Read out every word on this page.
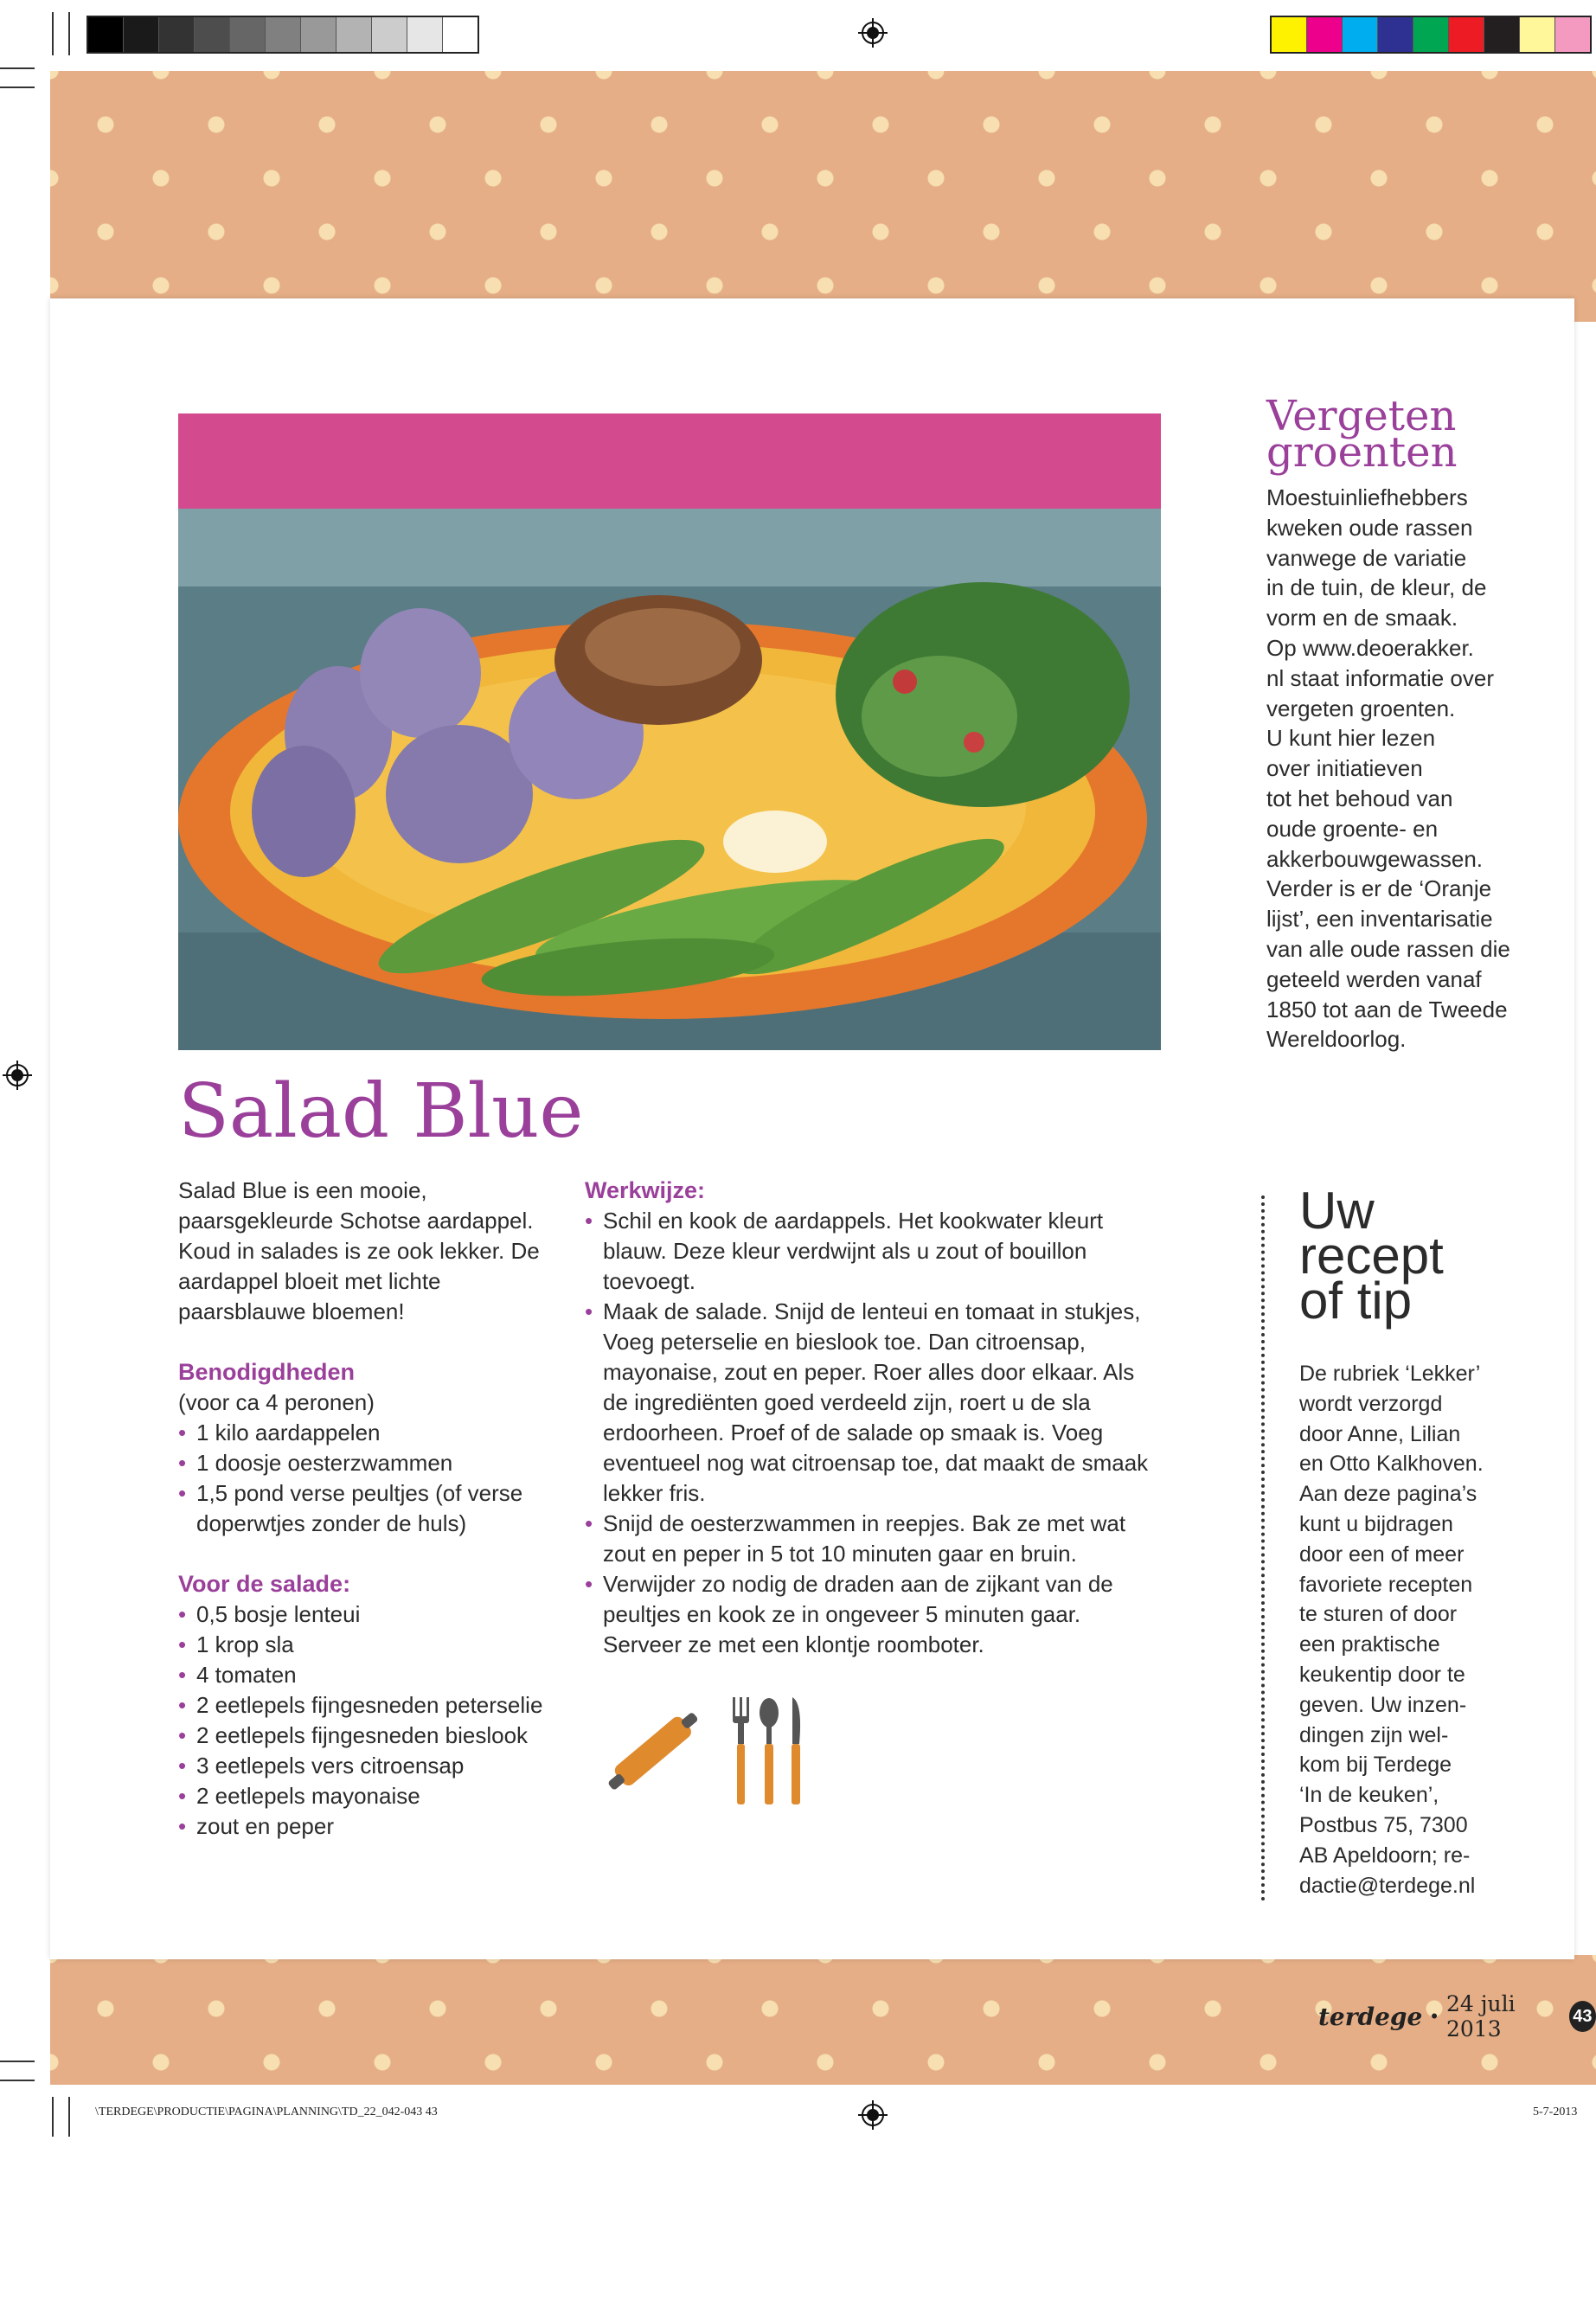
Vergeten
groenten

Moestuinliefhebbers

kweken oude rassen

vanwege de variatie

in de tuin, de kleur, de

vorm en de smaak.

Op www.deoerakker.

nl staat informatie over

vergeten groenten.

U kunt hier lezen

over initiatieven

tot het behoud van

oude groente- en

akkerbouwgewassen.

Verder is er de ‘Oranje

lijst’, een inventarisatie

van alle oude rassen die

geteeld werden vanaf

1850 tot aan de Tweede

Wereldoorlog.

Salad Blue

Salad Blue is een mooie, paarsgekleurde Schotse aardappel. Koud in salades is ze ook lekker. De aardappel bloeit met lichte paarsblauwe bloemen!

Benodigdheden

(voor ca 4 peronen)

• 1 kilo aardappelen
• 1 doosje oesterzwammen
• 1,5 pond verse peultjes (of verse doperwtjes zonder de huls)
Voor de salade:
• 0,5 bosje lenteui
• 1 krop sla
• 4 tomaten
• 2 eetlepels fijngesneden peterselie
• 2 eetlepels fijngesneden bieslook
• 3 eetlepels vers citroensap
• 2 eetlepels mayonaise
• zout en peper
Werkwijze:
• Schil en kook de aardappels. Het kookwater kleurt blauw. Deze kleur verdwijnt als u zout of bouillon toevoegt.
• Maak de salade. Snijd de lenteui en tomaat in stukjes, Voeg peterselie en bieslook toe. Dan citroensap, mayonaise, zout en peper. Roer alles door elkaar. Als de ingrediënten goed verdeeld zijn, roert u de sla erdoorheen. Proef of de salade op smaak is. Voeg eventueel nog wat citroensap toe, dat maakt de smaak lekker fris.
• Snijd de oesterzwammen in reepjes. Bak ze met wat zout en peper in 5 tot 10 minuten gaar en bruin.
• Verwijder zo nodig de draden aan de zijkant van de peultjes en kook ze in ongeveer 5 minuten gaar. Serveer ze met een klontje roomboter.
Uw
recept
of tip

De rubriek ‘Lekker’

wordt verzorgd

door Anne, Lilian

en Otto Kalkhoven.

Aan deze pagina’s

kunt u bijdragen

door een of meer

favoriete recepten

te sturen of door

een praktische

keukentip door te

geven. Uw inzen-

dingen zijn wel-

kom bij Terdege

‘In de keuken’,

Postbus 75, 7300

AB Apeldoorn; re-

dactie@terdege.nl

terdege • 24 juli 2013
43
\TERDEGE\PRODUCTIE\PAGINA\PLANNING\TD_22_042-043 43	5-7-2013
